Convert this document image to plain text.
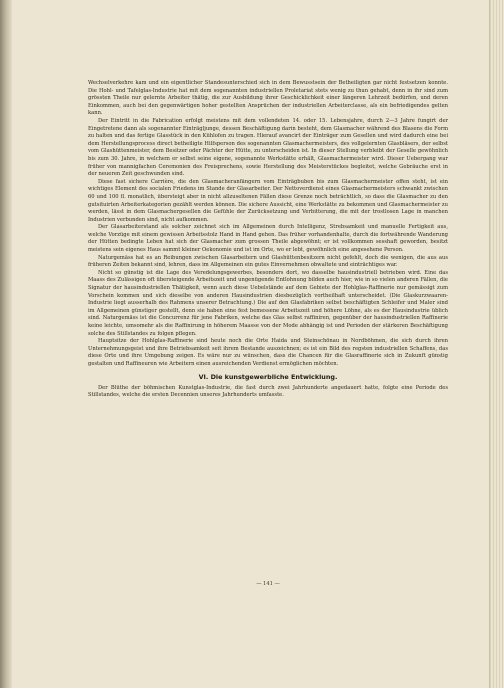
Wechselverkehre kam und ein eigentlicher Standesunterschied sich in dem Bewusstsein der Betheiligten gar nicht festsetzen konnte. Die Hohl- und Tafelglas-Industrie hat mit dem sogenannten industriellen Proletariat stets wenig zu thun gehabt, denn in ihr sind zum grössten Theile nur gelernte Arbeiter thätig, die zur Ausbildung ihrer Geschicklichkeit einer längeren Lehrzeit bedürfen, und deren Einkommen, auch bei den gegenwärtigen hoher gestellten Ansprüchen der industriellen Arbeiterclasse, als ein befriedigendes gelten kann.

Der Eintritt in die Fabrication erfolgt meistens mit dem vollendeten 14. oder 15. Lebensjahre, durch 2—3 Jahre fungirt der Eingetretene dann als sogenannter Einträgljunge, dessen Beschäftigung darin besteht, dem Glasmacher während des Blasens die Form zu halten und das fertige Glasstück in den Kühlofen zu tragen. Hierauf avancirt der Einträger zum Gesellen und wird dadurch eine bei dem Herstellungsprocess direct betheiligte Hilfsperson des sogenannten Glasmachermeisters, des vollgelernten Glasbläsers, der selbst vom Glashüttenmeister, dem Besitzer oder Pächter der Hütte, zu unterscheiden ist. In dieser Stellung verbleibt der Geselle gewöhnlich bis zum 30. Jahre, in welchem er selbst seine eigene, sogenannte Werkstätte erhält, Glasmachermeister wird. Dieser Uebergang war früher von mannigfachen Ceremonien des Freisprechens, sowie Herstellung des Meisterstückes begleitet, welche Gebräuche erst in der neueren Zeit geschwunden sind.

Diese fast sichere Carrière, die den Glasmacheranfängern vom Einträgbuben bis zum Glasmachermeister offen steht, ist ein wichtiges Element des socialen Friedens im Stande der Glasarbeiter. Der Nettoverdienst eines Glasmachermeisters schwankt zwischen 60 und 100 fl. monatlich, übersteigt aber in nicht allzuseltenen Fällen diese Grenze noch beträchtlich, so dass die Glasmacher zu den gutsituirten Arbeiterkategorien gezählt werden können. Die sichere Aussicht, eine Werkstätte zu bekommen und Glasmachermeister zu werden, lässt in dem Glasmachergesellen die Gefühle der Zurücksetzung und Verbitterung, die mit der trostlosen Lage in manchen Industrien verbunden sind, nicht aufkommen.

Der Glasarbeiterstand als solcher zeichnet sich im Allgemeinen durch Intelligenz, Strebsamkeit und manuelle Fertigkeit aus, welche Vorzüge mit einem gewissen Arbeitsstolz Hand in Hand gehen. Das früher vorhandenhalte, durch die fortwährende Wanderung der Hütten bedingte Leben hat sich der Glasmacher zum grossen Theile abgewöhnt; er ist vollkommen sesshaft geworden, besitzt meistens sein eigenes Haus sammt kleiner Oekonomie und ist im Orte, wo er lebt, gewöhnlich eine angesehene Person.

Naturgemäss hat es an Reibungen zwischen Glasarbeitern und Glashüttenbesitzern nicht gefehlt, doch die wenigen, die aus aus früheren Zeiten bekannt sind, lehren, dass im Allgemeinen ein gutes Einvernehmen obwaltete und einträchtiges war.

Nicht so günstig ist die Lage des Veredelungsgewerbes, besonders dort, wo dasselbe hausindustriell betrieben wird. Eine das Maass des Zulässigen oft übersteigende Arbeitszeit und ungenügende Entlohnung bilden auch hier, wie in so vielen anderen Fällen, die Signatur der hausindustriellen Thätigkeit, wenn auch diese Uebelstände auf dem Gebiete der Hohlglas-Raffinerie nur gemässigt zum Vorschein kommen und sich dieselbe von anderen Hausindustrien diesbezüglich vortheilhaft unterscheidet. (Die Glaskurzwaaren-Industrie liegt ausserhalb des Rahmens unserer Betrachtung.) Die auf den Glasfabriken selbst beschäftigten Schleifer und Maler sind im Allgemeinen günstiger gestellt, denn sie haben eine fest bemessene Arbeitszeit und höhere Löhne, als es der Hausindustrie üblich sind. Naturgemäss ist die Concurrenz für jene Fabriken, welche das Glas selbst raffiniren, gegenüber der hausindustriellen Raffinerie keine leichte, umsomehr als die Raffinirung in höherem Maasse von der Mode abhängig ist und Perioden der stärkeren Beschäftigung solche des Stillstandes zu folgen pflegen.

Hauptsitze der Hohlglas-Raffinerie sind heute noch die Orte Haida und Steinschönau in Nordböhmen, die sich durch ihren Unternehmungsgeist und ihre Betriebsamkeit seit ihrem Bestande auszeichnen; es ist ein Bild des regsten industriellen Schaffens, das diese Orte und ihre Umgebung zeigen. Es wäre nur zu wünschen, dass die Chancen für die Glasraffinerie sich in Zukunft günstig gestalten und Raffineuren wie Arbeitern einen ausreichenden Verdienst ermöglichen möchten.

VI. Die kunstgewerbliche Entwicklung.

Der Blüthe der böhmischen Kunstglas-Industrie, die fast durch zwei Jahrhunderte angedauert hatte, folgte eine Periode des Stillstandes, welche die ersten Decennien unseres Jahrhunderts umfasste.

— 141 —
